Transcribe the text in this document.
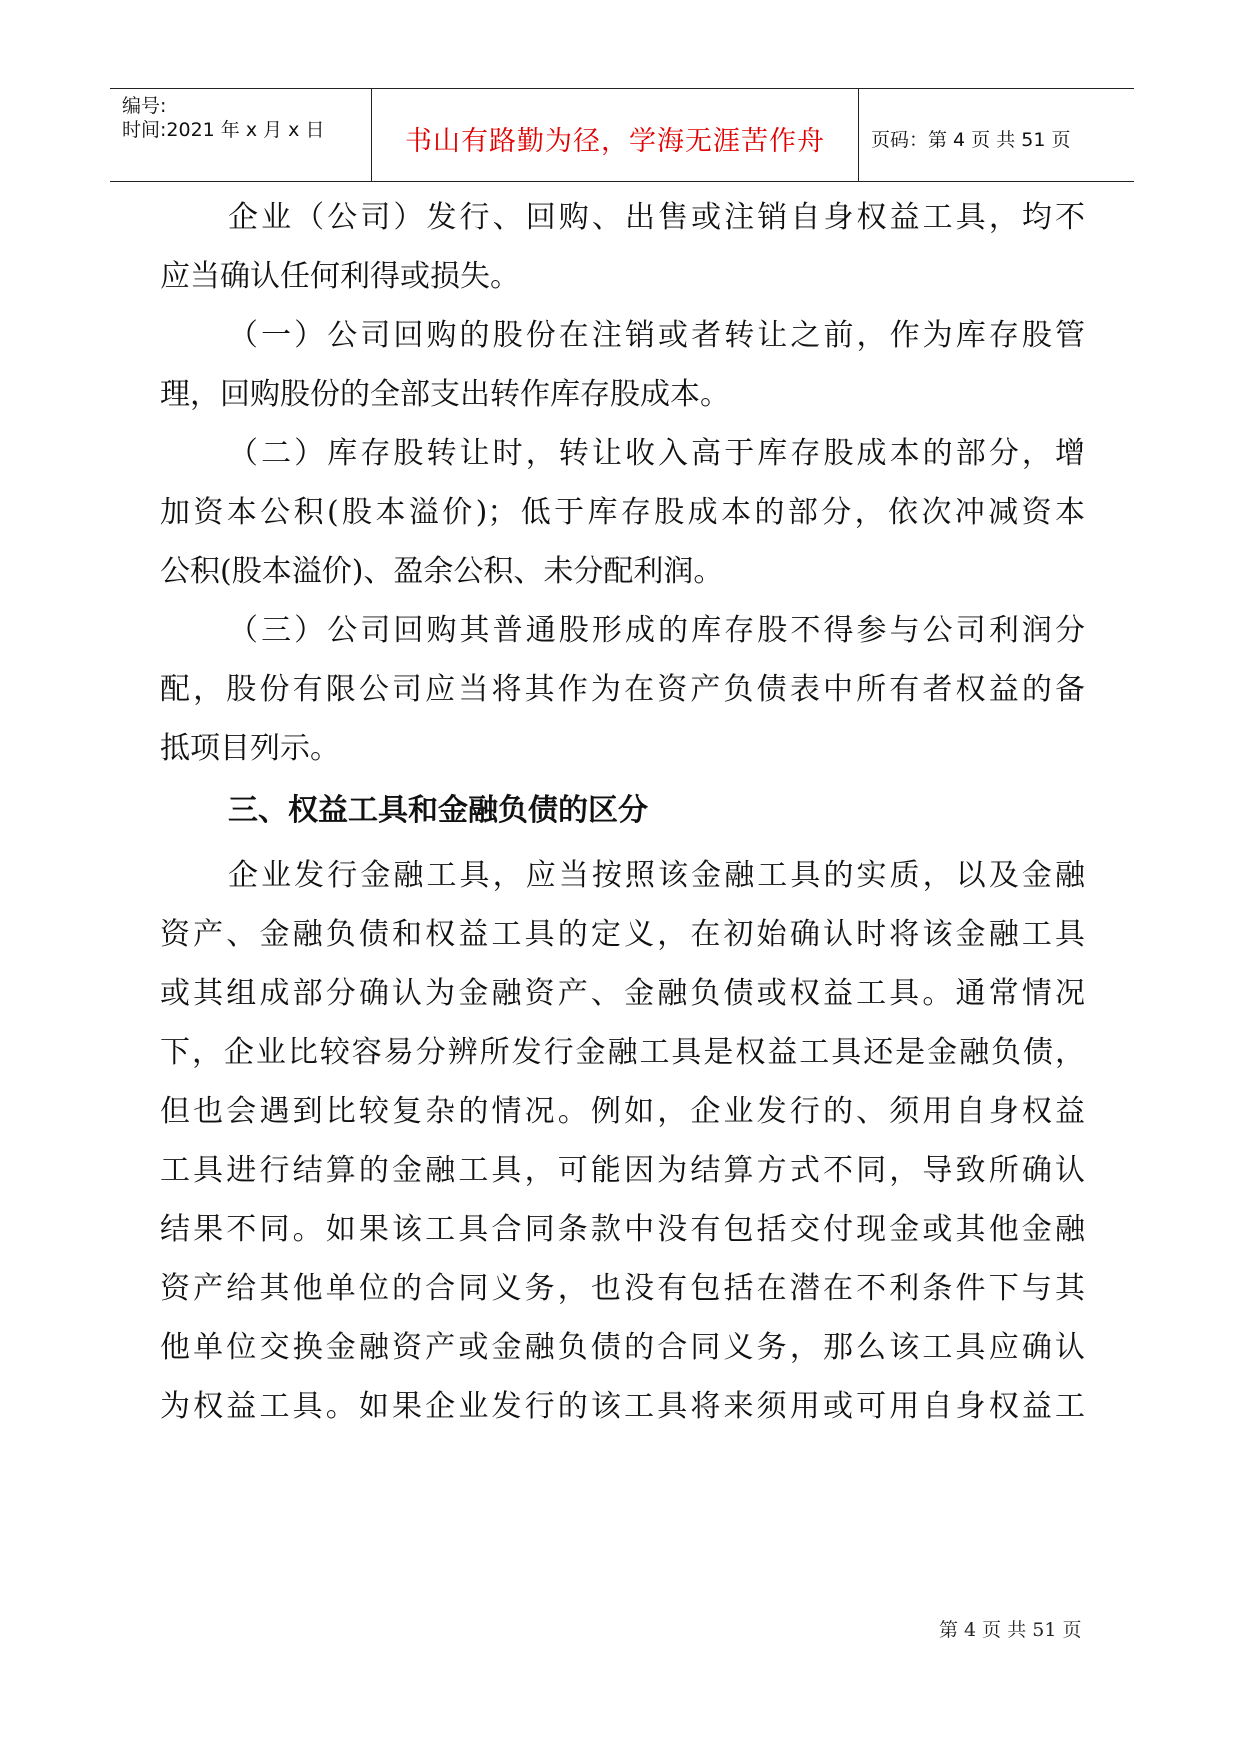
编号:
时间:2021 年 x 月 x 日	书山有路勤为径，学海无涯苦作舟	页码：第 4 页 共 51 页
企业（公司）发行、回购、出售或注销自身权益工具，均不
应当确认任何利得或损失。
（一）公司回购的股份在注销或者转让之前，作为库存股管
理，回购股份的全部支出转作库存股成本。
（二）库存股转让时，转让收入高于库存股成本的部分，增
加资本公积(股本溢价)；低于库存股成本的部分，依次冲减资本
公积(股本溢价)、盈余公积、未分配利润。
（三）公司回购其普通股形成的库存股不得参与公司利润分
配，股份有限公司应当将其作为在资产负债表中所有者权益的备
抵项目列示。
三、权益工具和金融负债的区分
企业发行金融工具，应当按照该金融工具的实质，以及金融
资产、金融负债和权益工具的定义，在初始确认时将该金融工具
或其组成部分确认为金融资产、金融负债或权益工具。通常情况
下，企业比较容易分辨所发行金融工具是权益工具还是金融负债，
但也会遇到比较复杂的情况。例如，企业发行的、须用自身权益
工具进行结算的金融工具，可能因为结算方式不同，导致所确认
结果不同。如果该工具合同条款中没有包括交付现金或其他金融
资产给其他单位的合同义务，也没有包括在潜在不利条件下与其
他单位交换金融资产或金融负债的合同义务，那么该工具应确认
为权益工具。如果企业发行的该工具将来须用或可用自身权益工
第 4 页 共 51 页
